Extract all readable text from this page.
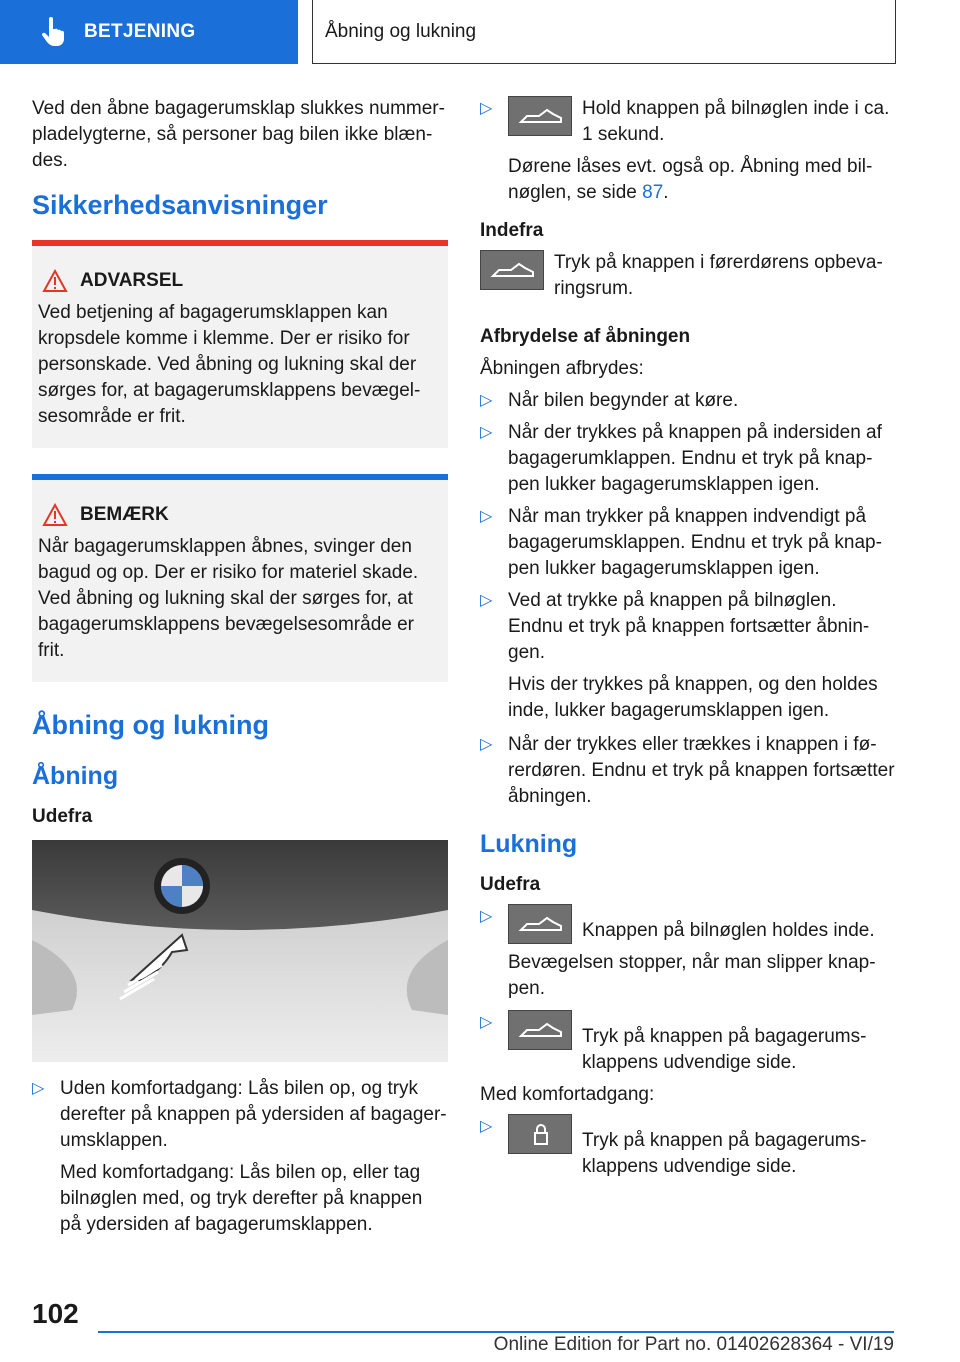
BETJENING	Åbning og lukning

Ved den åbne bagagerumsklap slukkes nummerpladelygterne, så personer bag bilen ikke blændes.

Sikkerhedsanvisninger
ADVARSEL
Ved betjening af bagagerumsklappen kan kropsdele komme i klemme. Der er risiko for personskade. Ved åbning og lukning skal der sørges for, at bagagerumsklappens bevægelsesområde er frit.
BEMÆRK
Når bagagerumsklappen åbnes, svinger den bagud og op. Der er risiko for materiel skade. Ved åbning og lukning skal der sørges for, at bagagerumsklappens bevægelsesområde er frit.
Åbning og lukning
Åbning
Udefra
▷ Uden komfortadgang: Lås bilen op, og tryk derefter på knappen på ydersiden af bagagerumsklappen.
Med komfortadgang: Lås bilen op, eller tag bilnøglen med, og tryk derefter på knappen på ydersiden af bagagerumsklappen.
▷	Hold knappen på bilnøglen inde i ca. 1 sekund.
Dørene låses evt. også op. Åbning med bilnøglen, se side 87.
Indefra
Tryk på knappen i førerdørens opbevaringsrum.
Afbrydelse af åbningen

Åbningen afbrydes:

▷ Når bilen begynder at køre.
▷ Når der trykkes på knappen på indersiden af bagagerumklappen. Endnu et tryk på knappen lukker bagagerumsklappen igen.
▷ Når man trykker på knappen indvendigt på bagagerumsklappen. Endnu et tryk på knappen lukker bagagerumsklappen igen.
▷ Ved at trykke på knappen på bilnøglen. Endnu et tryk på knappen fortsætter åbningen.
Hvis der trykkes på knappen, og den holdes inde, lukker bagagerumsklappen igen.
▷ Når der trykkes eller trækkes i knappen i førerdøren. Endnu et tryk på knappen fortsætter åbningen.
Lukning
Udefra
▷
Knappen på bilnøglen holdes inde.
Bevægelsen stopper, når man slipper knappen.
▷
Tryk på knappen på bagagerumsklappens udvendige side.

Med komfortadgang:

▷
Tryk på knappen på bagagerumsklappens udvendige side.
102
Online Edition for Part no. 01402628364 - VI/19
